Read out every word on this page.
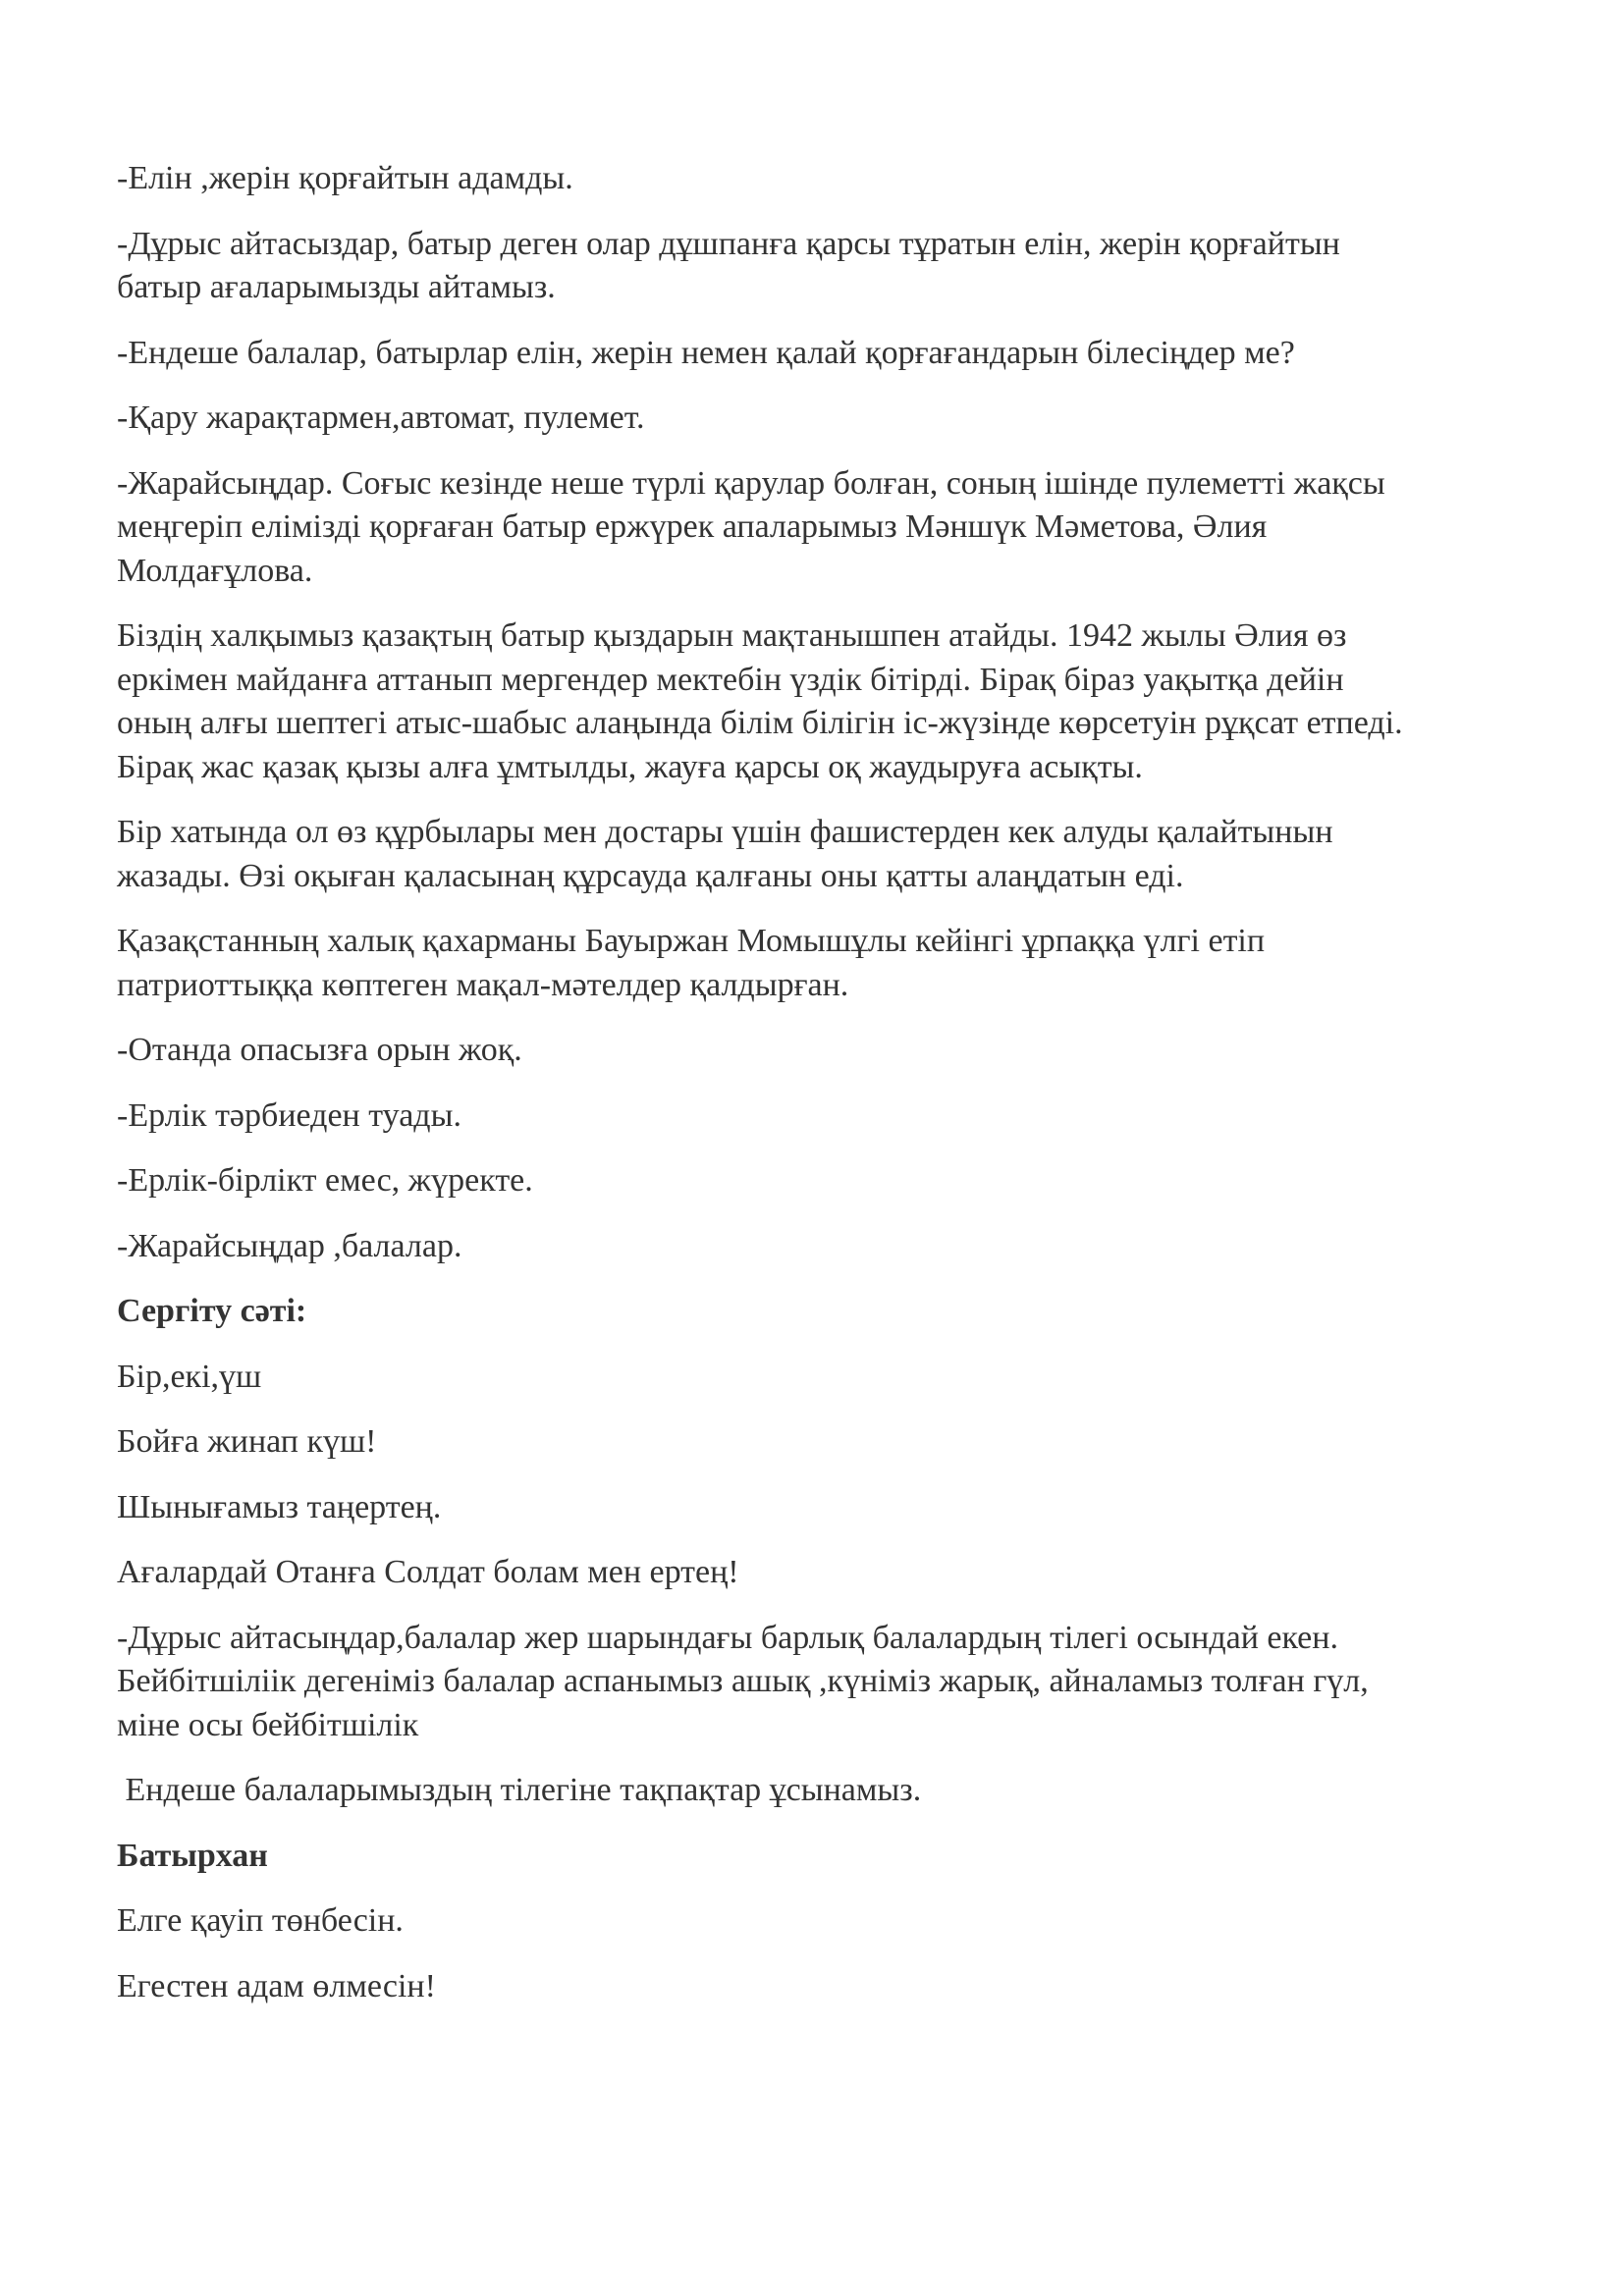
-Елін ,жерін қорғайтын адамды.

-Дұрыс айтасыздар, батыр деген олар дұшпанға қарсы тұратын елін, жерін қорғайтын батыр ағаларымызды айтамыз.

-Ендеше балалар, батырлар елін, жерін немен қалай қорғағандарын білесіңдер ме?

-Қару жарақтармен,автомат, пулемет.

-Жарайсыңдар. Соғыс кезінде неше түрлі қарулар болған, соның ішінде пулеметті жақсы меңгеріп елімізді қорғаған батыр ержүрек апаларымыз Мәншүк Мәметова, Әлия Молдағұлова.

Біздің халқымыз қазақтың батыр қыздарын мақтанышпен атайды. 1942 жылы Әлия өз еркімен майданға аттанып мергендер мектебін үздік бітірді. Бірақ біраз уақытқа дейін оның алғы шептегі атыс-шабыс алаңында білім білігін іс-жүзінде көрсетуін рұқсат етпеді. Бірақ жас қазақ қызы алға ұмтылды, жауға қарсы оқ жаудыруға асықты.

Бір хатында ол өз құрбылары мен достары үшін фашистерден кек алуды қалайтынын жазады. Өзі оқыған қаласынаң құрсауда қалғаны оны қатты алаңдатын еді.

Қазақстанның халық қахарманы Бауыржан Момышұлы кейінгі ұрпаққа үлгі етіп патриоттыққа көптеген мақал-мәтелдер қалдырған.

-Отанда опасызға орын жоқ.

-Ерлік тәрбиеден туады.

-Ерлік-бірлікт емес, жүректе.

-Жарайсыңдар ,балалар.

Сергіту сәті:

Бір,екі,үш

Бойға жинап күш!

Шынығамыз таңертең.

Ағалардай Отанға Солдат болам мен ертең!

-Дұрыс айтасыңдар,балалар жер шарындағы барлық балалардың тілегі осындай екен. Бейбітшіліік дегеніміз балалар аспанымыз ашық ,күніміз жарық, айналамыз толған гүл, міне осы бейбітшілік

Ендеше балаларымыздың тілегіне тақпақтар ұсынамыз.

Батырхан

Елге қауіп төнбесін.

Егестен адам өлмесін!
